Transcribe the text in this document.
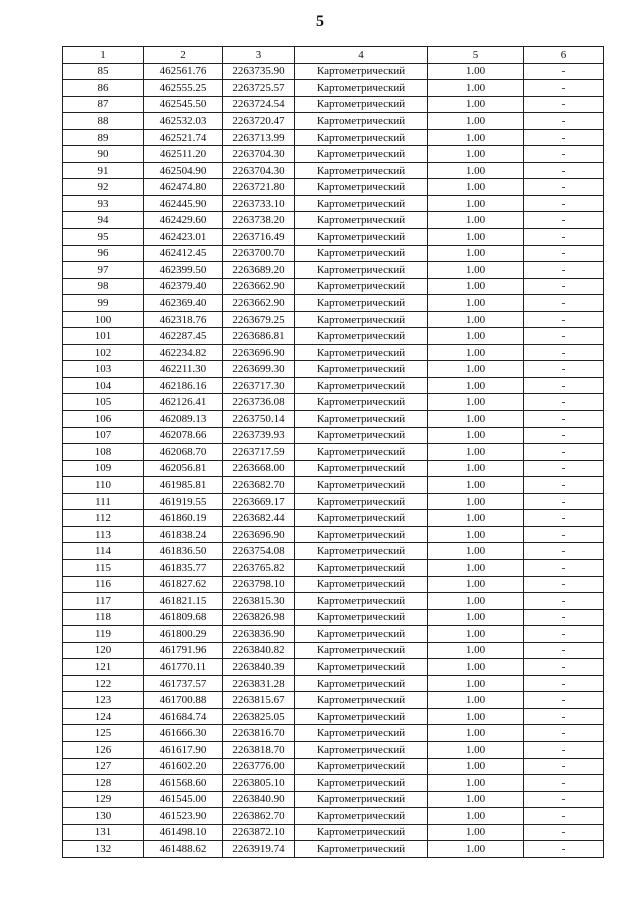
5
1	2	3	4	5	6
85	462561.76	2263735.90	Картометрический	1.00	-
86	462555.25	2263725.57	Картометрический	1.00	-
87	462545.50	2263724.54	Картометрический	1.00	-
88	462532.03	2263720.47	Картометрический	1.00	-
89	462521.74	2263713.99	Картометрический	1.00	-
90	462511.20	2263704.30	Картометрический	1.00	-
91	462504.90	2263704.30	Картометрический	1.00	-
92	462474.80	2263721.80	Картометрический	1.00	-
93	462445.90	2263733.10	Картометрический	1.00	-
94	462429.60	2263738.20	Картометрический	1.00	-
95	462423.01	2263716.49	Картометрический	1.00	-
96	462412.45	2263700.70	Картометрический	1.00	-
97	462399.50	2263689.20	Картометрический	1.00	-
98	462379.40	2263662.90	Картометрический	1.00	-
99	462369.40	2263662.90	Картометрический	1.00	-
100	462318.76	2263679.25	Картометрический	1.00	-
101	462287.45	2263686.81	Картометрический	1.00	-
102	462234.82	2263696.90	Картометрический	1.00	-
103	462211.30	2263699.30	Картометрический	1.00	-
104	462186.16	2263717.30	Картометрический	1.00	-
105	462126.41	2263736.08	Картометрический	1.00	-
106	462089.13	2263750.14	Картометрический	1.00	-
107	462078.66	2263739.93	Картометрический	1.00	-
108	462068.70	2263717.59	Картометрический	1.00	-
109	462056.81	2263668.00	Картометрический	1.00	-
110	461985.81	2263682.70	Картометрический	1.00	-
111	461919.55	2263669.17	Картометрический	1.00	-
112	461860.19	2263682.44	Картометрический	1.00	-
113	461838.24	2263696.90	Картометрический	1.00	-
114	461836.50	2263754.08	Картометрический	1.00	-
115	461835.77	2263765.82	Картометрический	1.00	-
116	461827.62	2263798.10	Картометрический	1.00	-
117	461821.15	2263815.30	Картометрический	1.00	-
118	461809.68	2263826.98	Картометрический	1.00	-
119	461800.29	2263836.90	Картометрический	1.00	-
120	461791.96	2263840.82	Картометрический	1.00	-
121	461770.11	2263840.39	Картометрический	1.00	-
122	461737.57	2263831.28	Картометрический	1.00	-
123	461700.88	2263815.67	Картометрический	1.00	-
124	461684.74	2263825.05	Картометрический	1.00	-
125	461666.30	2263816.70	Картометрический	1.00	-
126	461617.90	2263818.70	Картометрический	1.00	-
127	461602.20	2263776.00	Картометрический	1.00	-
128	461568.60	2263805.10	Картометрический	1.00	-
129	461545.00	2263840.90	Картометрический	1.00	-
130	461523.90	2263862.70	Картометрический	1.00	-
131	461498.10	2263872.10	Картометрический	1.00	-
132	461488.62	2263919.74	Картометрический	1.00	-
